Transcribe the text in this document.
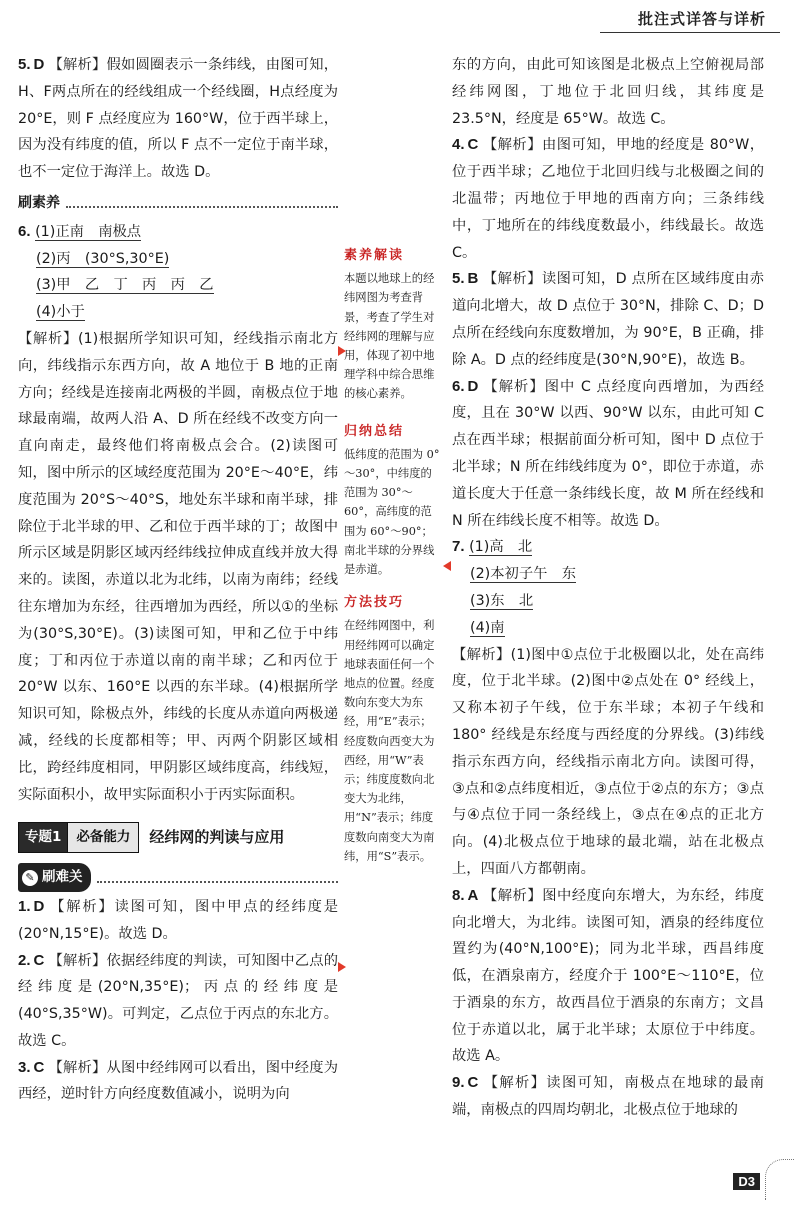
批注式详答与详析

5. D 【解析】假如圆圈表示一条纬线，由图可知，H、F两点所在的经线组成一个经线圈，H点经度为 20°E，则 F 点经度应为 160°W，位于西半球上，因为没有纬度的值，所以 F 点不一定位于南半球，也不一定位于海洋上。故选 D。

刷素养

6. (1)正南　南极点

(2)丙　(30°S,30°E)

(3)甲　乙　丁　丙　丙　乙

(4)小于

【解析】(1)根据所学知识可知，经线指示南北方向，纬线指示东西方向，故 A 地位于 B 地的正南方向；经线是连接南北两极的半圆，南极点位于地球最南端，故两人沿 A、D 所在经线不改变方向一直向南走，最终他们将南极点会合。(2)读图可知，图中所示的区域经度范围为 20°E～40°E，纬度范围为 20°S～40°S，地处东半球和南半球，排除位于北半球的甲、乙和位于西半球的丁；故图中所示区域是阴影区域丙经纬线拉伸成直线并放大得来的。读图，赤道以北为北纬，以南为南纬；经线往东增加为东经，往西增加为西经，所以①的坐标为(30°S,30°E)。(3)读图可知，甲和乙位于中纬度；丁和丙位于赤道以南的南半球；乙和丙位于 20°W 以东、160°E 以西的东半球。(4)根据所学知识可知，除极点外，纬线的长度从赤道向两极递减，经线的长度都相等；甲、丙两个阴影区域相比，跨经纬度相同，甲阴影区域纬度高，纬线短，实际面积小，故甲实际面积小于丙实际面积。

专题1	必备能力	经纬网的判读与应用
✎ 刷难关

1. D 【解析】读图可知，图中甲点的经纬度是(20°N,15°E)。故选 D。

2. C 【解析】依据经纬度的判读，可知图中乙点的经纬度是(20°N,35°E)；丙点的经纬度是(40°S,35°W)。可判定，乙点位于丙点的东北方。故选 C。

3. C 【解析】从图中经纬网可以看出，图中经度为西经，逆时针方向经度数值减小，说明为向

素养解读

本题以地球上的经纬网图为考查背景，考查了学生对经纬网的理解与应用，体现了初中地理学科中综合思维的核心素养。

归纳总结

低纬度的范围为 0°～30°，中纬度的范围为 30°～60°，高纬度的范围为 60°～90°；南北半球的分界线是赤道。

方法技巧

在经纬网图中，利用经纬网可以确定地球表面任何一个地点的位置。经度数向东变大为东经，用“E”表示；经度数向西变大为西经，用“W”表示；纬度度数向北变大为北纬，用“N”表示；纬度度数向南变大为南纬，用“S”表示。

东的方向，由此可知该图是北极点上空俯视局部经纬网图，丁地位于北回归线，其纬度是 23.5°N，经度是 65°W。故选 C。

4. C 【解析】由图可知，甲地的经度是 80°W，位于西半球；乙地位于北回归线与北极圈之间的北温带；丙地位于甲地的西南方向；三条纬线中，丁地所在的纬线度数最小，纬线最长。故选 C。

5. B 【解析】读图可知，D 点所在区域纬度由赤道向北增大，故 D 点位于 30°N，排除 C、D；D 点所在经线向东度数增加，为 90°E，B 正确，排除 A。D 点的经纬度是(30°N,90°E)，故选 B。

6. D 【解析】图中 C 点经度向西增加，为西经度，且在 30°W 以西、90°W 以东，由此可知 C 点在西半球；根据前面分析可知，图中 D 点位于北半球；N 所在纬线纬度为 0°，即位于赤道，赤道长度大于任意一条纬线长度，故 M 所在经线和 N 所在纬线长度不相等。故选 D。

7. (1)高　北

(2)本初子午　东

(3)东　北

(4)南

【解析】(1)图中①点位于北极圈以北，处在高纬度，位于北半球。(2)图中②点处在 0° 经线上，又称本初子午线，位于东半球；本初子午线和 180° 经线是东经度与西经度的分界线。(3)纬线指示东西方向，经线指示南北方向。读图可得，③点和②点纬度相近，③点位于②点的东方；③点与④点位于同一条经线上，③点在④点的正北方向。(4)北极点位于地球的最北端，站在北极点上，四面八方都朝南。

8. A 【解析】图中经度向东增大，为东经，纬度向北增大，为北纬。读图可知，酒泉的经纬度位置约为(40°N,100°E)；同为北半球，西昌纬度低，在酒泉南方，经度介于 100°E～110°E，位于酒泉的东方，故西昌位于酒泉的东南方；文昌位于赤道以北，属于北半球；太原位于中纬度。故选 A。

9. C 【解析】读图可知，南极点在地球的最南端，南极点的四周均朝北，北极点位于地球的

D3
